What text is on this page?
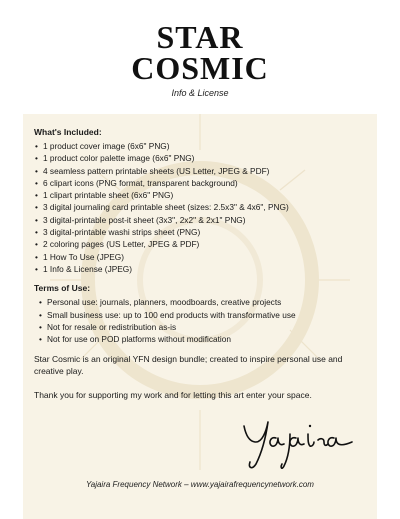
STAR
COSMIC
Info & License
What's Included:
• 1 product cover image (6x6" PNG)
• 1 product color palette image (6x6" PNG)
• 4 seamless pattern printable sheets (US Letter, JPEG & PDF)
• 6 clipart icons (PNG format, transparent background)
• 1 clipart printable sheet (6x6" PNG)
• 3 digital journaling card printable sheet (sizes: 2.5x3" & 4x6", PNG)
• 3 digital-printable post-it sheet (3x3", 2x2" & 2x1" PNG)
• 3 digital-printable washi strips sheet (PNG)
• 2 coloring pages (US Letter, JPEG & PDF)
• 1 How To Use (JPEG)
• 1 Info & License (JPEG)
Terms of Use:
• Personal use: journals, planners, moodboards, creative projects
• Small business use: up to 100 end products with transformative use
• Not for resale or redistribution as-is
• Not for use on POD platforms without modification

Star Cosmic is an original YFN design bundle; created to inspire personal use and creative play.

Thank you for supporting my work and for letting this art enter your space.

Yajaira Frequency Network – www.yajairafrequencynetwork.com
